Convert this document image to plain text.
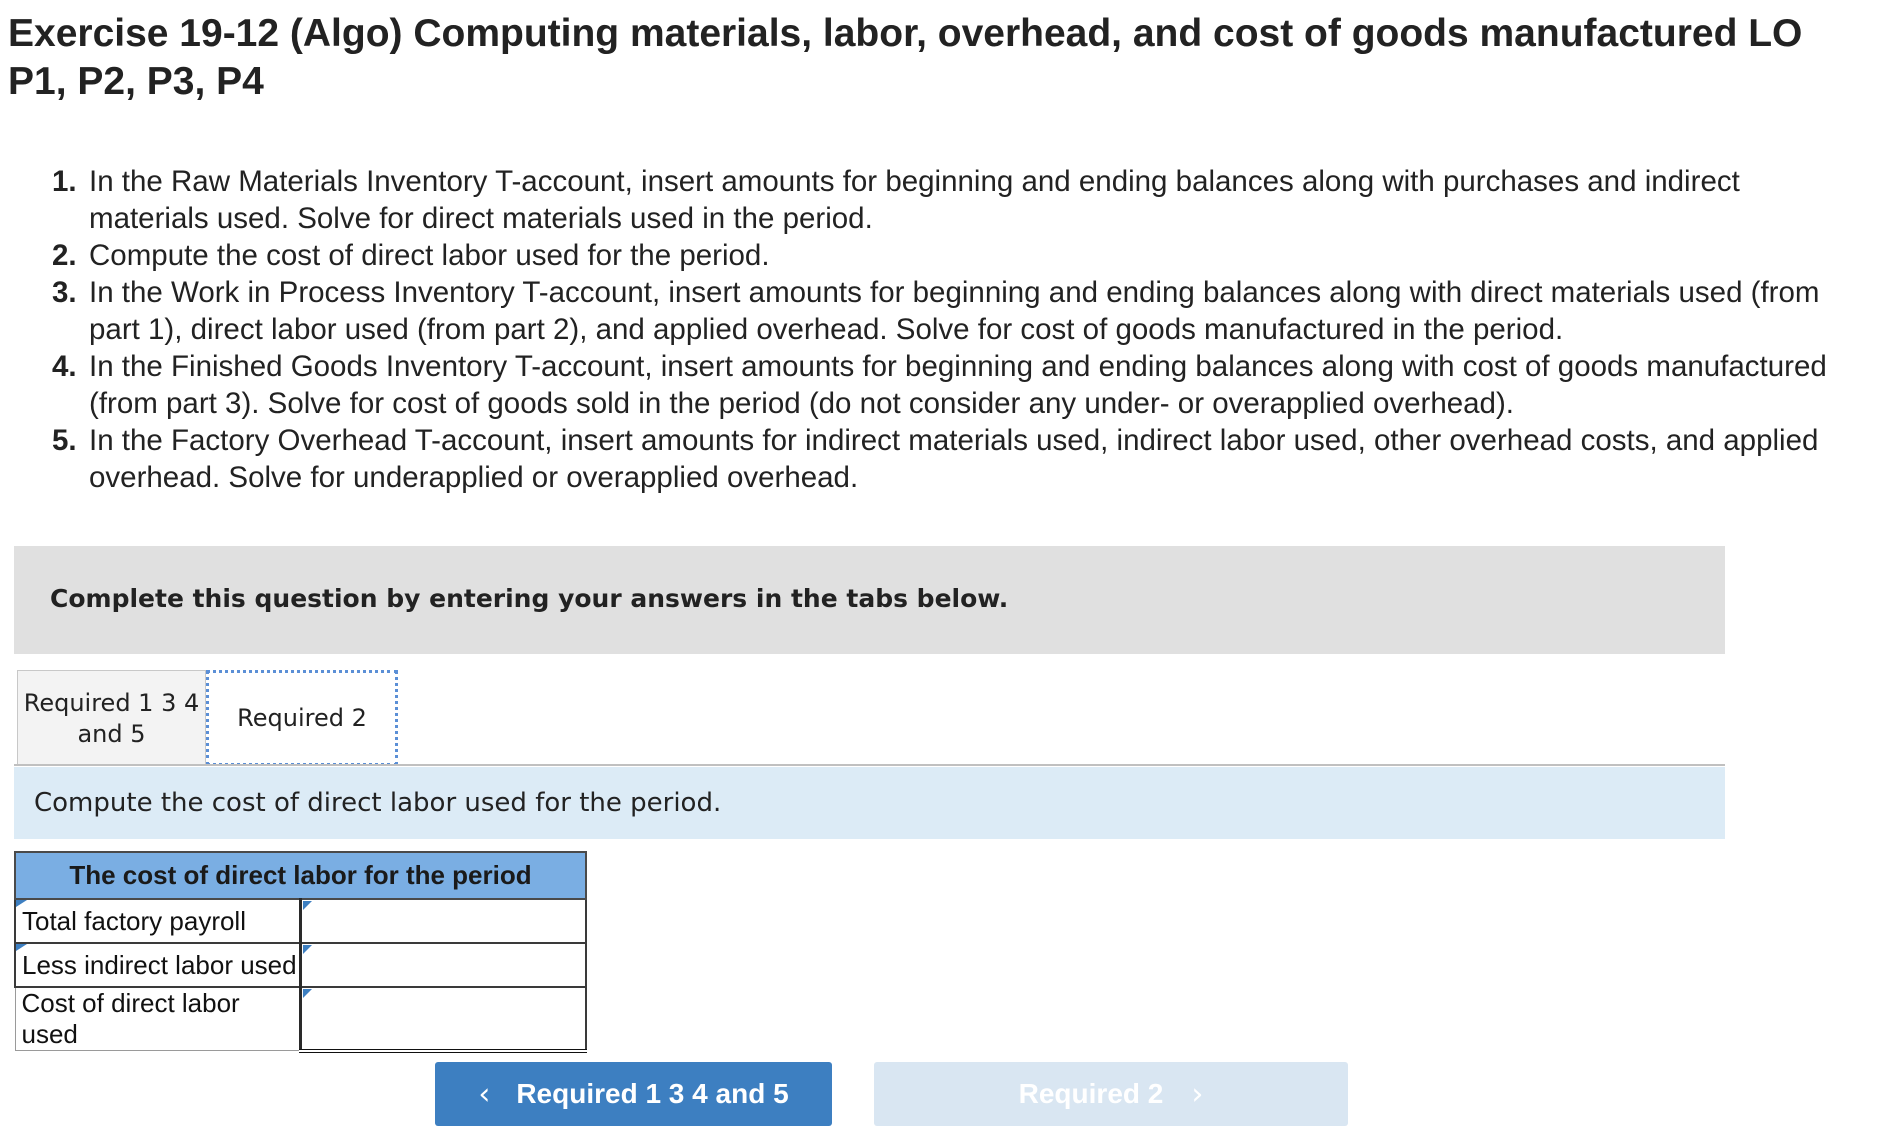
Exercise 19-12 (Algo) Computing materials, labor, overhead, and cost of goods manufactured LO P1, P2, P3, P4
1. In the Raw Materials Inventory T-account, insert amounts for beginning and ending balances along with purchases and indirect materials used. Solve for direct materials used in the period.
2. Compute the cost of direct labor used for the period.
3. In the Work in Process Inventory T-account, insert amounts for beginning and ending balances along with direct materials used (from part 1), direct labor used (from part 2), and applied overhead. Solve for cost of goods manufactured in the period.
4. In the Finished Goods Inventory T-account, insert amounts for beginning and ending balances along with cost of goods manufactured (from part 3). Solve for cost of goods sold in the period (do not consider any under- or overapplied overhead).
5. In the Factory Overhead T-account, insert amounts for indirect materials used, indirect labor used, other overhead costs, and applied overhead. Solve for underapplied or overapplied overhead.
Complete this question by entering your answers in the tabs below.
Required 1 3 4
and 5
Required 2
Compute the cost of direct labor used for the period.
The cost of direct labor for the period	

Total factory payroll	

Less indirect labor used	

Cost of direct labor used	
‹ Required 1 3 4 and 5	Required 2 ›
